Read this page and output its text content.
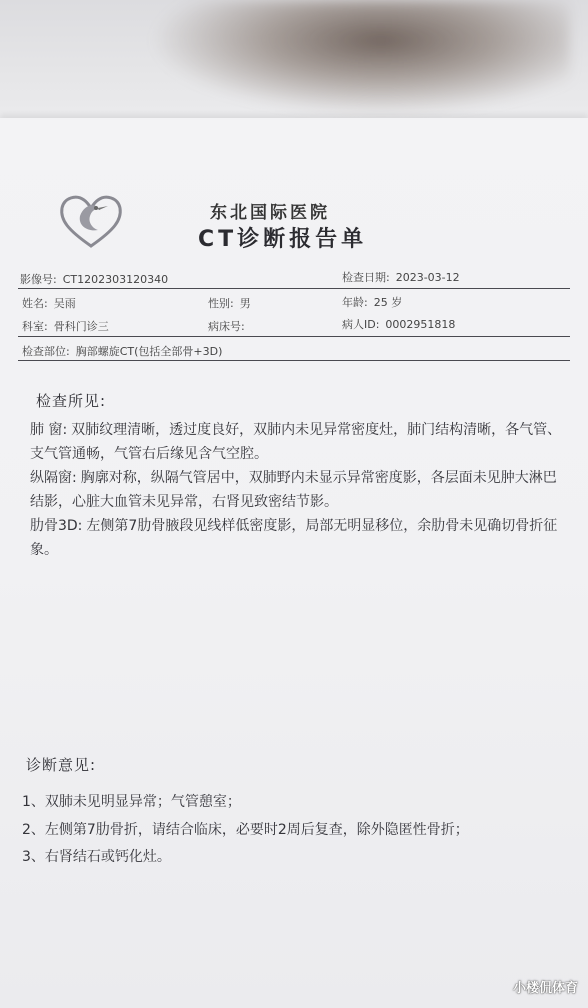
东北国际医院
CT诊断报告单
影像号: CT1202303120340	检查日期: 2023-03-12
姓名: 吴雨	性别: 男	年龄: 25 岁
科室: 骨科门诊三	病床号:	病人ID: 0002951818
检查部位: 胸部螺旋CT(包括全部骨+3D)
检查所见:
肺 窗: 双肺纹理清晰，透过度良好，双肺内未见异常密度灶，肺门结构清晰，各气管、支气管通畅，气管右后缘见含气空腔。
纵隔窗: 胸廓对称，纵隔气管居中，双肺野内未显示异常密度影，各层面未见肿大淋巴结影，心脏大血管未见异常，右肾见致密结节影。
肋骨3D: 左侧第7肋骨腋段见线样低密度影，局部无明显移位，余肋骨未见确切骨折征象。
诊断意见:
1、双肺未见明显异常；气管憩室；
2、左侧第7肋骨折，请结合临床，必要时2周后复查，除外隐匿性骨折；
3、右肾结石或钙化灶。
小楼侃体育
